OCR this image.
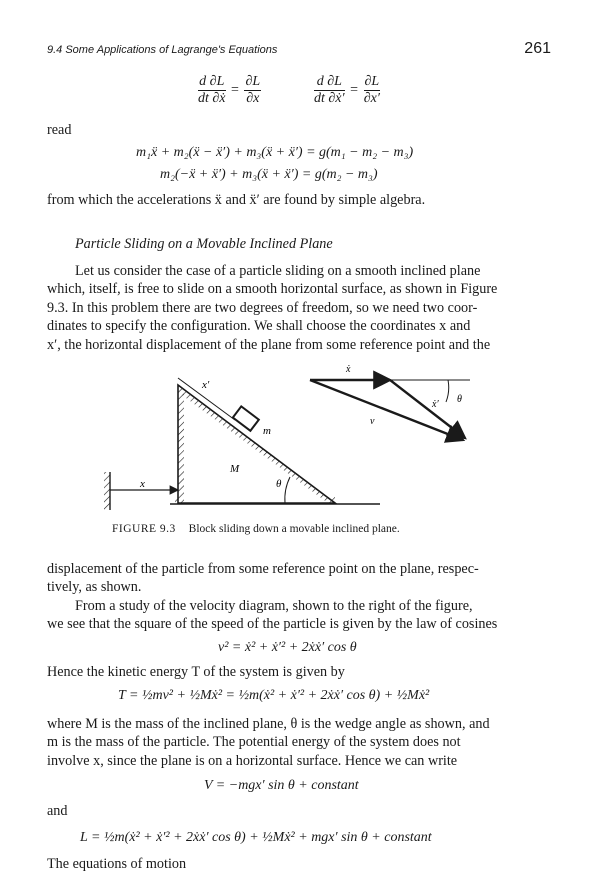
9.4 Some Applications of Lagrange's Equations	261
$\frac{d \partial L}{\text{dt ∂ẋ}} = \frac{\partial L}{\partial x}$	$\frac{d \partial L}{\text{dt ∂ẋ′}} = \frac{\partial L}{\partial x'}$
read
m₁ẍ + m₂(ẍ − ẍ′) + m₃(ẍ + ẍ′) = g(m₁ − m₂ − m₃)
m₂(−ẍ + ẍ′) + m₃(ẍ + ẍ′) = g(m₂ − m₃)
from which the accelerations ẍ and ẍ′ are found by simple algebra.
Particle Sliding on a Movable Inclined Plane
Let us consider the case of a particle sliding on a smooth inclined plane
which, itself, is free to slide on a smooth horizontal surface, as shown in Figure
9.3. In this problem there are two degrees of freedom, so we need two coor-
dinates to specify the configuration. We shall choose the coordinates x and
x′, the horizontal displacement of the plane from some reference point and the
x
x′
m
M
θ
ẋ
ẋ′
v
θ
FIGURE 9.3 Block sliding down a movable inclined plane.
displacement of the particle from some reference point on the plane, respec-
tively, as shown.
From a study of the velocity diagram, shown to the right of the figure,
we see that the square of the speed of the particle is given by the law of cosines
v² = ẋ² + ẋ′² + 2ẋẋ′ cos θ
Hence the kinetic energy T of the system is given by
T = ½mv² + ½Mẋ² = ½m(ẋ² + ẋ′² + 2ẋẋ′ cos θ) + ½Mẋ²
where M is the mass of the inclined plane, θ is the wedge angle as shown, and
m is the mass of the particle. The potential energy of the system does not
involve x, since the plane is on a horizontal surface. Hence we can write
V = −mgx′ sin θ + constant
and
L = ½m(ẋ² + ẋ′² + 2ẋẋ′ cos θ) + ½Mẋ² + mgx′ sin θ + constant
The equations of motion
